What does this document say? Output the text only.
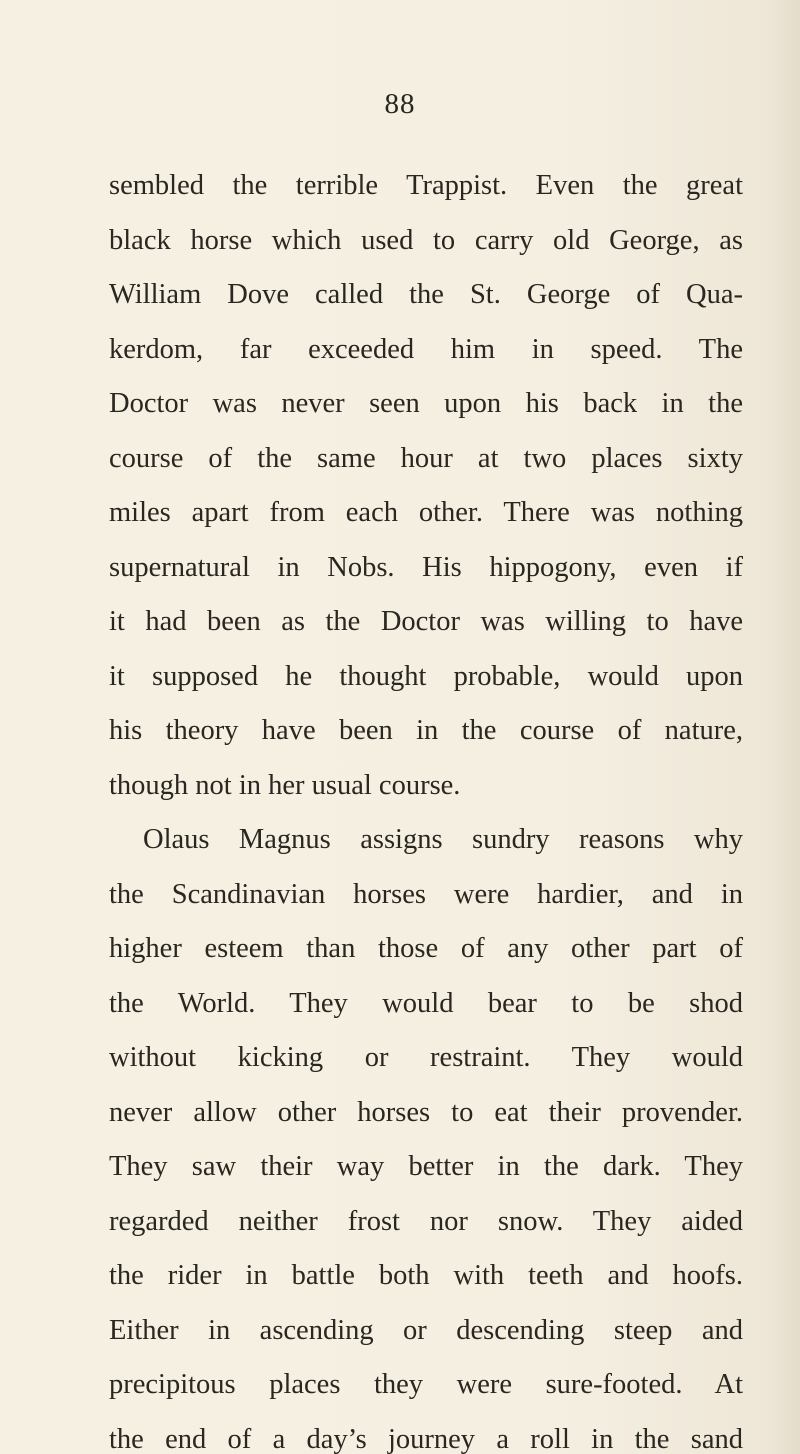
88
sembled the terrible Trappist. Even the great
black horse which used to carry old George, as
William Dove called the St. George of Qua-
kerdom, far exceeded him in speed. The
Doctor was never seen upon his back in the
course of the same hour at two places sixty
miles apart from each other. There was nothing
supernatural in Nobs. His hippogony, even if
it had been as the Doctor was willing to have
it supposed he thought probable, would upon
his theory have been in the course of nature,
though not in her usual course.
Olaus Magnus assigns sundry reasons why
the Scandinavian horses were hardier, and in
higher esteem than those of any other part of
the World. They would bear to be shod
without kicking or restraint. They would
never allow other horses to eat their provender.
They saw their way better in the dark. They
regarded neither frost nor snow. They aided
the rider in battle both with teeth and hoofs.
Either in ascending or descending steep and
precipitous places they were sure-footed. At
the end of a day’s journey a roll in the sand
